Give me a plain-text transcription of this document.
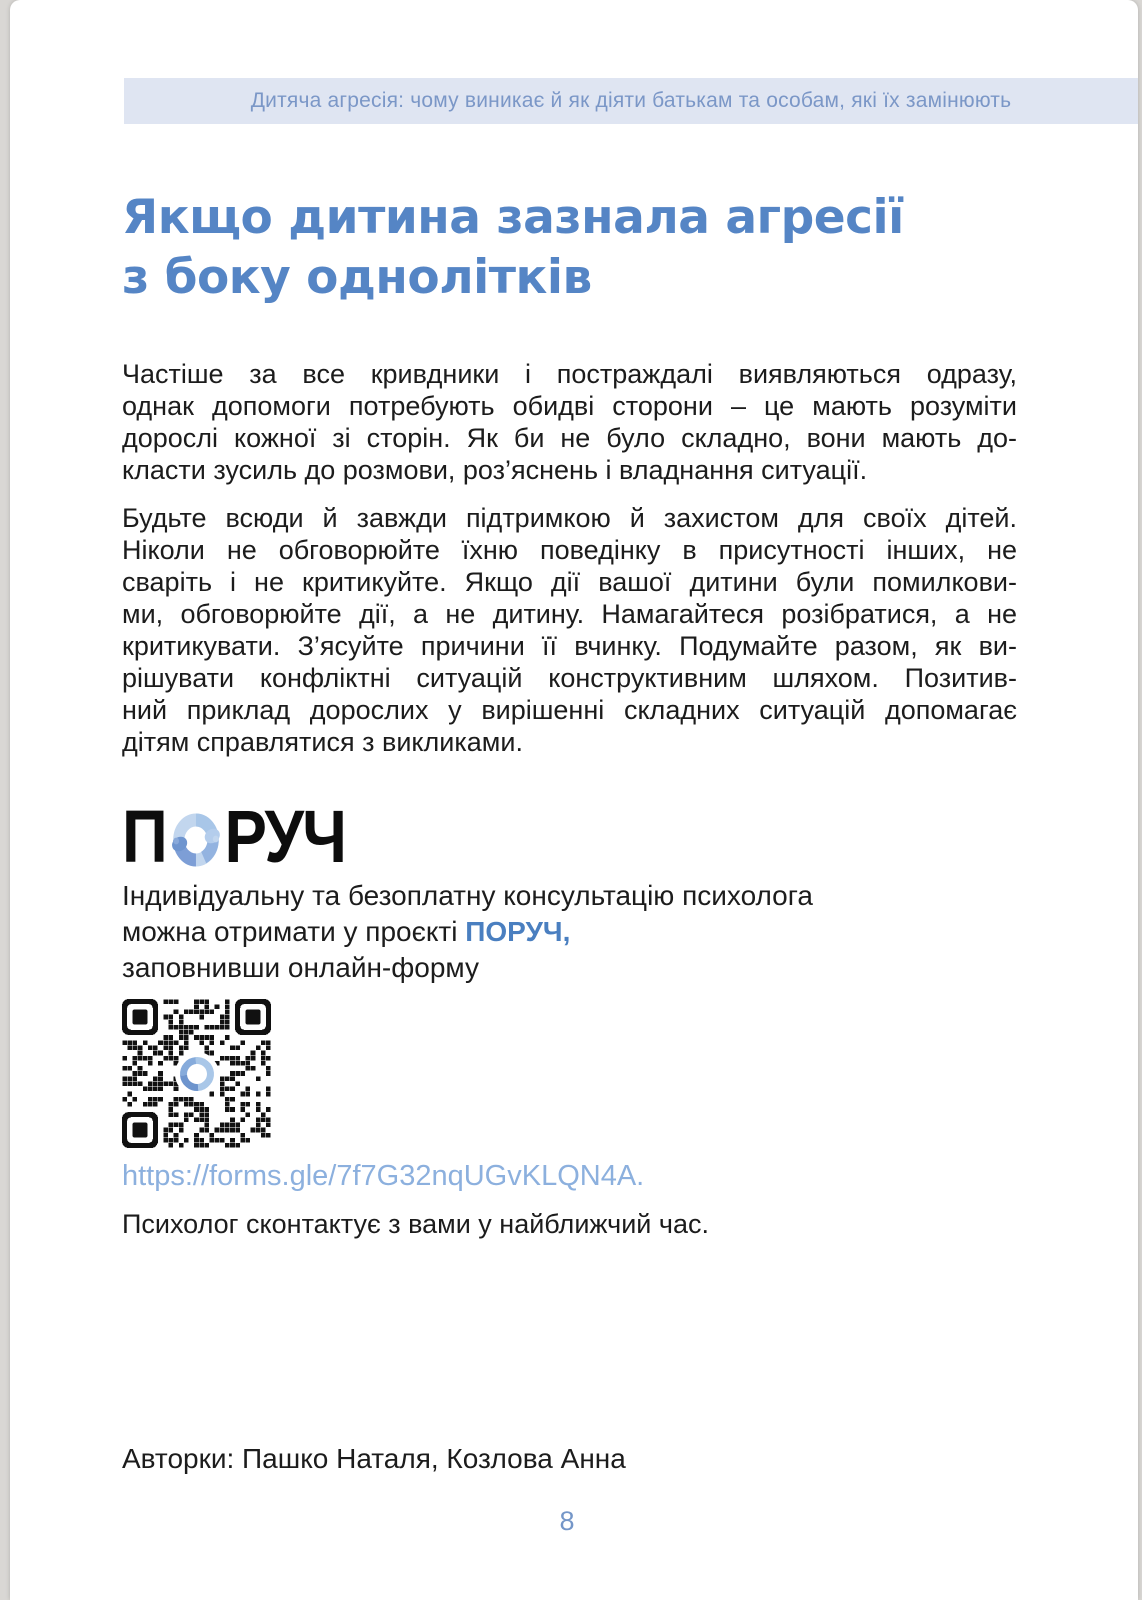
Дитяча агресія: чому виникає й як діяти батькам та особам, які їх замінюють
Якщо дитина зазнала агресії
з боку однолітків
Частіше за все кривдники і постраждалі виявляються одразу,
однак допомоги потребують обидві сторони – це мають розуміти
дорослі кожної зі сторін. Як би не було складно, вони мають до-
класти зусиль до розмови, роз’яснень і владнання ситуації.
Будьте всюди й завжди підтримкою й захистом для своїх дітей.
Ніколи не обговорюйте їхню поведінку в присутності інших, не
сваріть і не критикуйте. Якщо дії вашої дитини були помилкови-
ми, обговорюйте дії, а не дитину. Намагайтеся розібратися, а не
критикувати. З’ясуйте причини її вчинку. Подумайте разом, як ви-
рішувати конфліктні ситуацій конструктивним шляхом. Позитив-
ний приклад дорослих у вирішенні складних ситуацій допомагає
дітям справлятися з викликами.
П РУЧ
Індивідуальну та безоплатну консультацію психолога
можна отримати у проєкті ПОРУЧ,
заповнивши онлайн-форму
https://forms.gle/7f7G32nqUGvKLQN4A.
Психолог сконтактує з вами у найближчий час.
Авторки: Пашко Наталя, Козлова Анна
8
